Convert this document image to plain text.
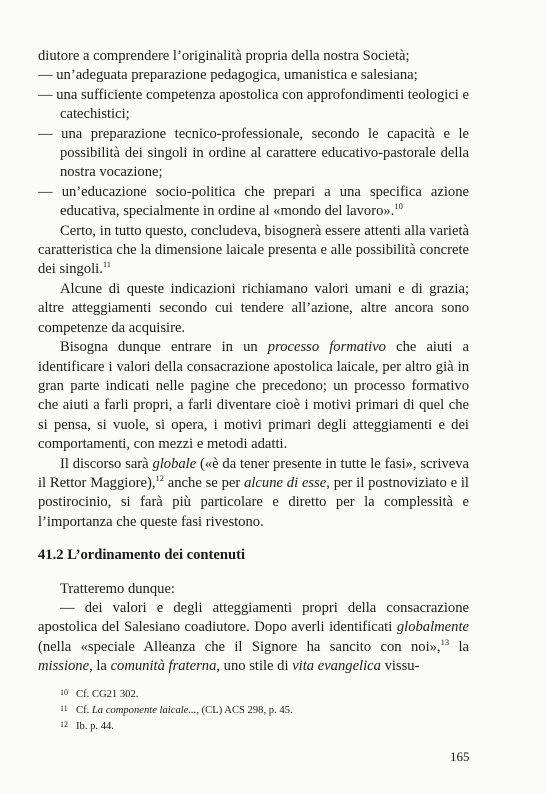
diutore a comprendere l’originalità propria della nostra Società;

— un’adeguata preparazione pedagogica, umanistica e salesiana;

— una sufficiente competenza apostolica con approfondimenti teologici e catechistici;

— una preparazione tecnico-professionale, secondo le capacità e le possibilità dei singoli in ordine al carattere educativo-pastorale della nostra vocazione;

— un’educazione socio-politica che prepari a una specifica azione educativa, specialmente in ordine al «mondo del lavoro».$^{10}$

Certo, in tutto questo, concludeva, bisognerà essere attenti alla varietà caratteristica che la dimensione laicale presenta e alle possibilità concrete dei singoli.$^{11}$

Alcune di queste indicazioni richiamano valori umani e di grazia; altre atteggiamenti secondo cui tendere all’azione, altre ancora sono competenze da acquisire.

Bisogna dunque entrare in un processo formativo che aiuti a identificare i valori della consacrazione apostolica laicale, per altro già in gran parte indicati nelle pagine che precedono; un processo formativo che aiuti a farli propri, a farli diventare cioè i motivi primari di quel che si pensa, si vuole, si opera, i motivi primari degli atteggiamenti e dei comportamenti, con mezzi e metodi adatti.

Il discorso sarà globale («è da tener presente in tutte le fasi», scriveva il Rettor Maggiore),$^{12}$ anche se per alcune di esse, per il postnoviziato e il postirocinio, si farà più particolare e diretto per la complessità e l’importanza che queste fasi rivestono.

41.2 L’ordinamento dei contenuti

Tratteremo dunque:

— dei valori e degli atteggiamenti propri della consacrazione apostolica del Salesiano coadiutore. Dopo averli identificati globalmente (nella «speciale Alleanza che il Signore ha sancito con noi»,$^{13}$ la missione, la comunità fraterna, uno stile di vita evangelica vissu-

10 Cf. CG21 302.
11 Cf. La componente laicale..., (CL) ACS 298, p. 45.
12 Ib. p. 44.
165
